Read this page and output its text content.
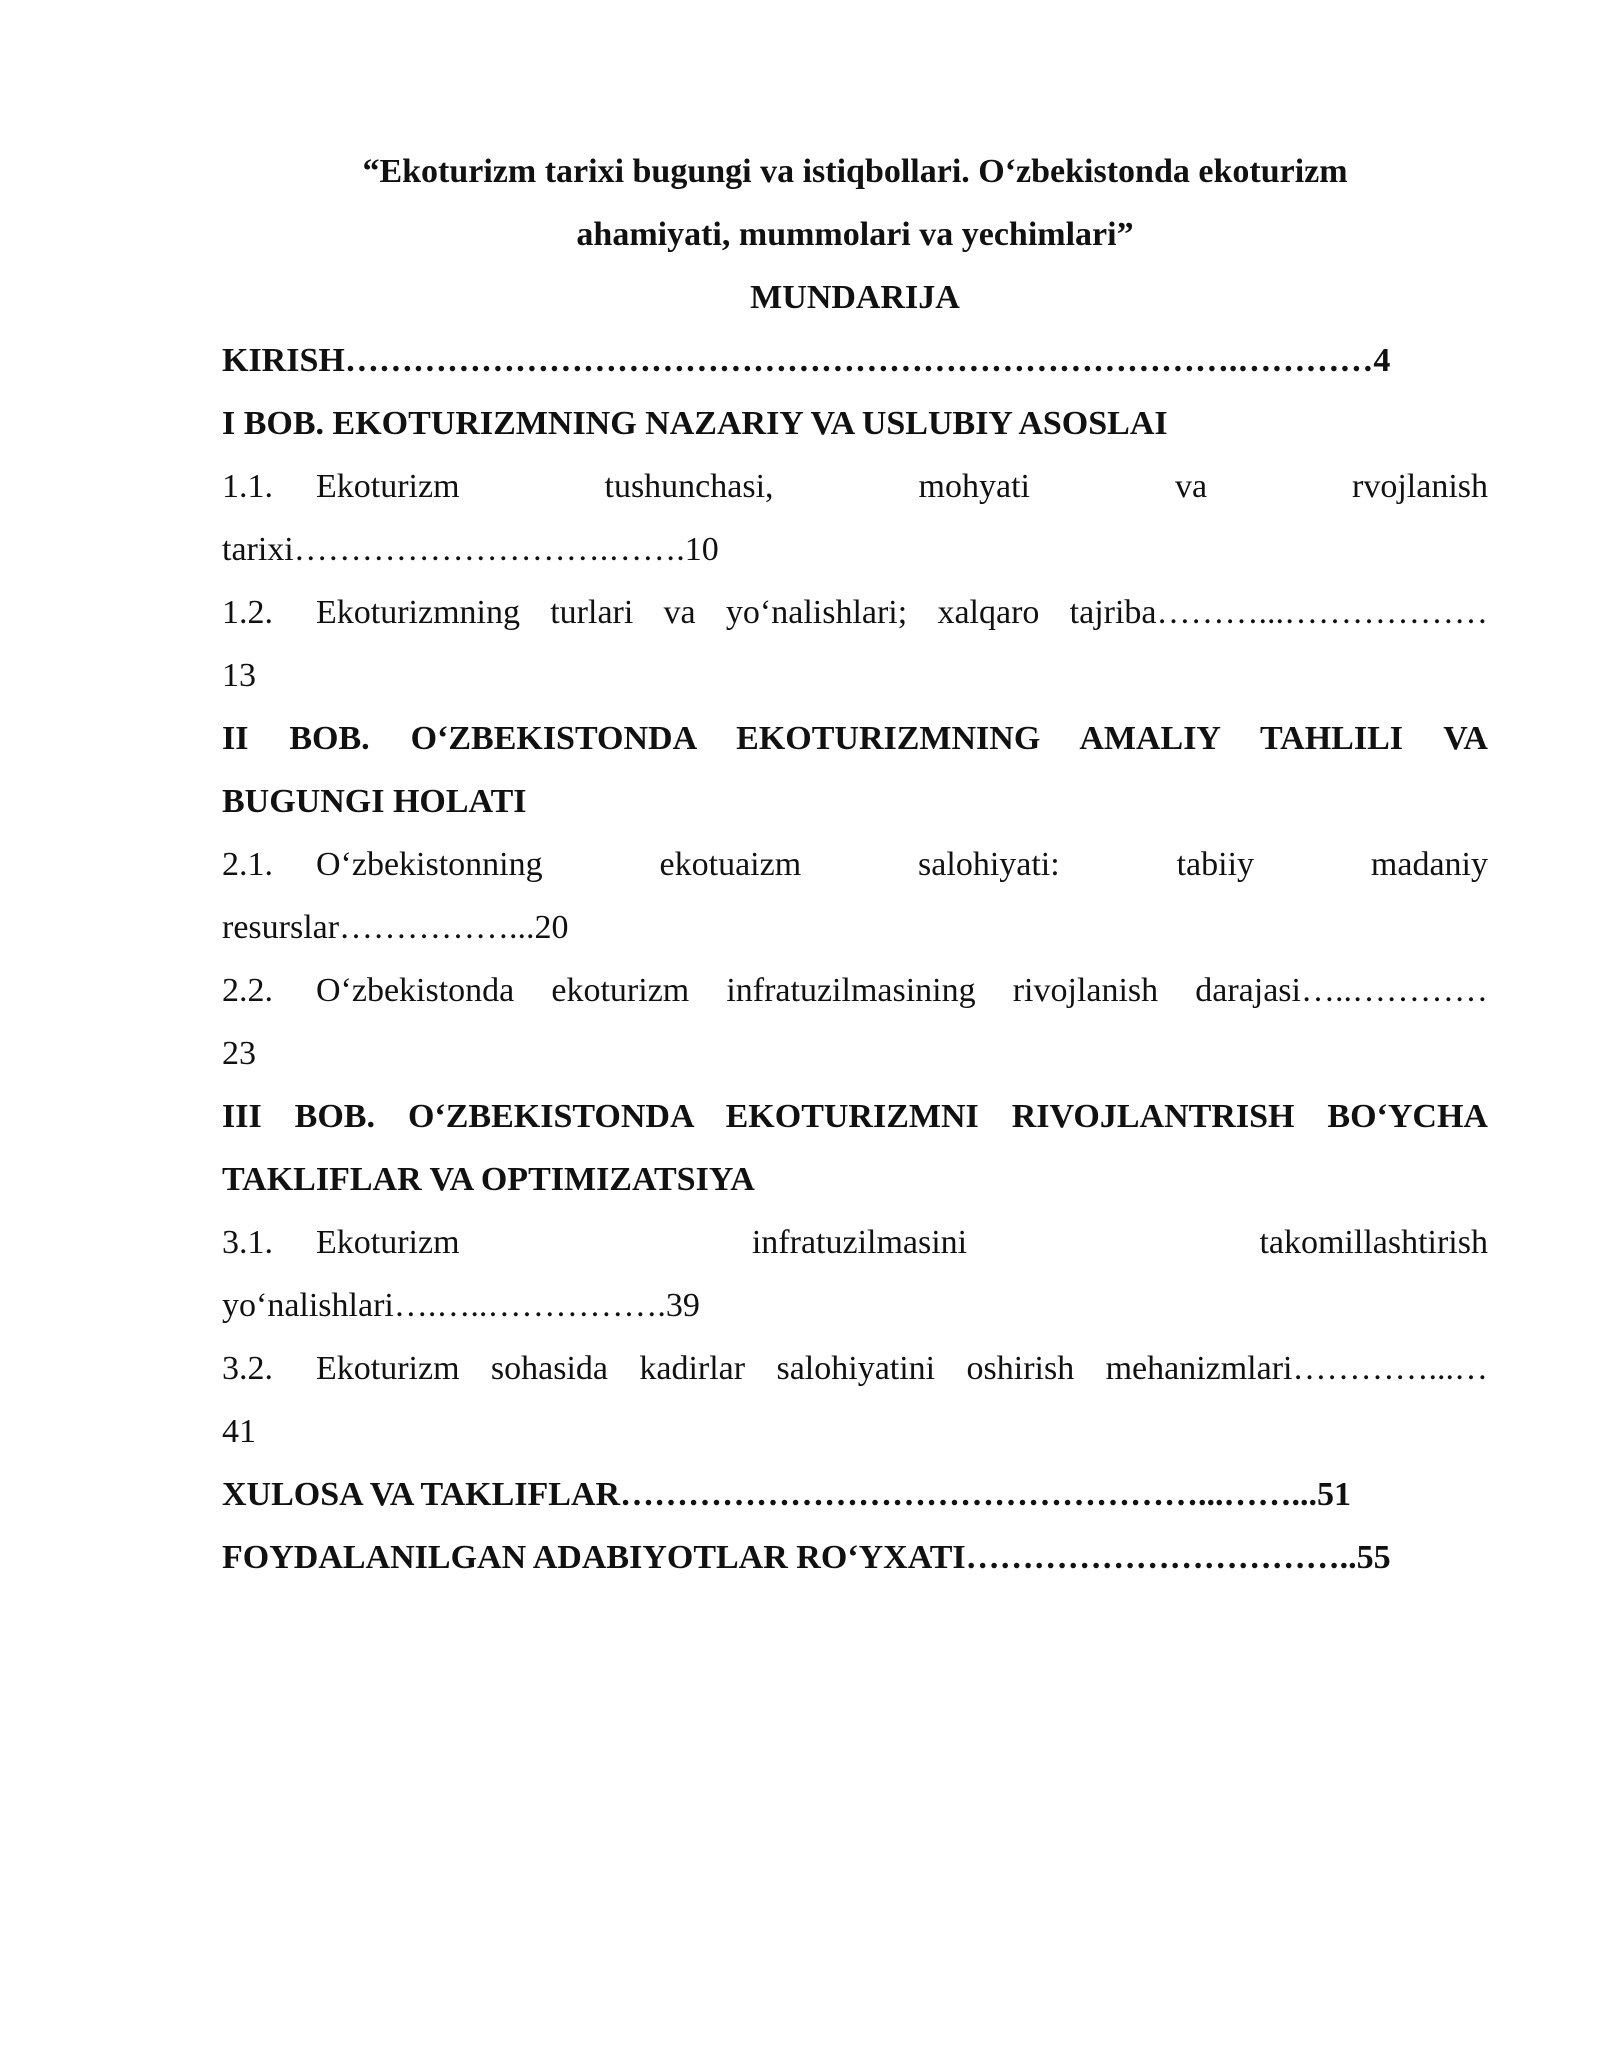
“Ekoturizm tarixi bugungi va istiqbollari. O‘zbekistonda ekoturizm
ahamiyati, mummolari va yechimlari”

MUNDARIJA

KIRISH…………………………………………………………………….…………4

I BOB. EKOTURIZMNING NAZARIY VA USLUBIY ASOSLAI

1.1. Ekoturizm tushunchasi, mohyati va rvojlanish

tarixi……………………….…….10

1.2. Ekoturizmning turlari va yo‘nalishlari; xalqaro tajriba………...………………

13

II BOB. O‘ZBEKISTONDA EKOTURIZMNING AMALIY TAHLILI VA

BUGUNGI HOLATI

2.1. O‘zbekistonning ekotuaizm salohiyati: tabiiy madaniy

resurslar……………...20

2.2. O‘zbekistonda ekoturizm infratuzilmasining rivojlanish darajasi…..…………

23

III BOB. O‘ZBEKISTONDA EKOTURIZMNI RIVOJLANTRISH BO‘YCHA

TAKLIFLAR VA OPTIMIZATSIYA

3.1. Ekoturizm infratuzilmasini takomillashtirish

yo‘nalishlari….…..…………….39

3.2. Ekoturizm sohasida kadirlar salohiyatini oshirish mehanizmlari…………...…

41

XULOSA VA TAKLIFLAR……………………………………………...……...51

FOYDALANILGAN ADABIYOTLAR RO‘YXATI……………………………..55
